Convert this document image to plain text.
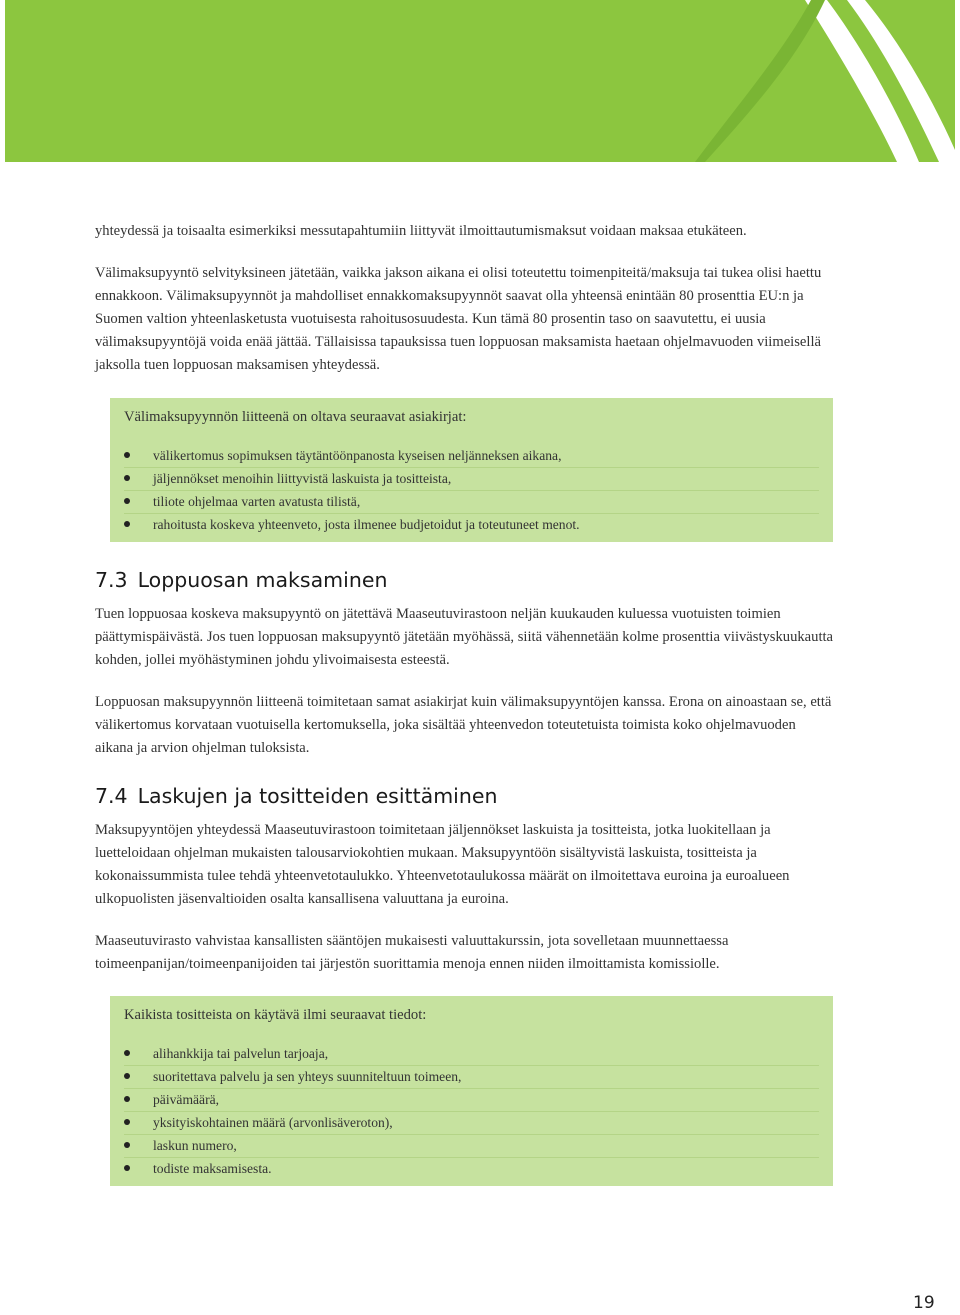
yhteydessä ja toisaalta esimerkiksi messutapahtumiin liittyvät ilmoittautumismaksut voidaan maksaa etukäteen.

Välimaksupyyntö selvityksineen jätetään, vaikka jakson aikana ei olisi toteutettu toimenpiteitä/maksuja tai tukea olisi haettu ennakkoon. Välimaksupyynnöt ja mahdolliset ennakkomaksupyynnöt saavat olla yhteensä enintään 80 prosenttia EU:n ja Suomen valtion yhteenlasketusta vuotuisesta rahoitusosuudesta. Kun tämä 80 prosentin taso on saavutettu, ei uusia välimaksupyyntöjä voida enää jättää. Tällaisissa tapauksissa tuen loppuosan maksamista haetaan ohjelmavuoden viimeisellä jaksolla tuen loppuosan maksamisen yhteydessä.

Välimaksupyynnön liitteenä on oltava seuraavat asiakirjat:

välikertomus sopimuksen täytäntöönpanosta kyseisen neljänneksen aikana,
jäljennökset menoihin liittyvistä laskuista ja tositteista,
tiliote ohjelmaa varten avatusta tilistä,
rahoitusta koskeva yhteenveto, josta ilmenee budjetoidut ja toteutuneet menot.
7.3 Loppuosan maksaminen

Tuen loppuosaa koskeva maksupyyntö on jätettävä Maaseutuvirastoon neljän kuukauden kuluessa vuotuisten toimien päättymispäivästä. Jos tuen loppuosan maksupyyntö jätetään myöhässä, siitä vähennetään kolme prosenttia viivästyskuukautta kohden, jollei myöhästyminen johdu ylivoimaisesta esteestä.

Loppuosan maksupyynnön liitteenä toimitetaan samat asiakirjat kuin välimaksupyyntöjen kanssa. Erona on ainoastaan se, että välikertomus korvataan vuotuisella kertomuksella, joka sisältää yhteenvedon toteutetuista toimista koko ohjelmavuoden aikana ja arvion ohjelman tuloksista.

7.4 Laskujen ja tositteiden esittäminen

Maksupyyntöjen yhteydessä Maaseutuvirastoon toimitetaan jäljennökset laskuista ja tositteista, jotka luokitellaan ja luetteloidaan ohjelman mukaisten talousarviokohtien mukaan. Maksupyyntöön sisältyvistä laskuista, tositteista ja kokonaissummista tulee tehdä yhteenvetotaulukko. Yhteenvetotaulukossa määrät on ilmoitettava euroina ja euroalueen ulkopuolisten jäsenvaltioiden osalta kansallisena valuuttana ja euroina.

Maaseutuvirasto vahvistaa kansallisten sääntöjen mukaisesti valuuttakurssin, jota sovelletaan muunnettaessa toimeenpanijan/toimeenpanijoiden tai järjestön suorittamia menoja ennen niiden ilmoittamista komissiolle.

Kaikista tositteista on käytävä ilmi seuraavat tiedot:

alihankkija tai palvelun tarjoaja,
suoritettava palvelu ja sen yhteys suunniteltuun toimeen,
päivämäärä,
yksityiskohtainen määrä (arvonlisäveroton),
laskun numero,
todiste maksamisesta.
19
